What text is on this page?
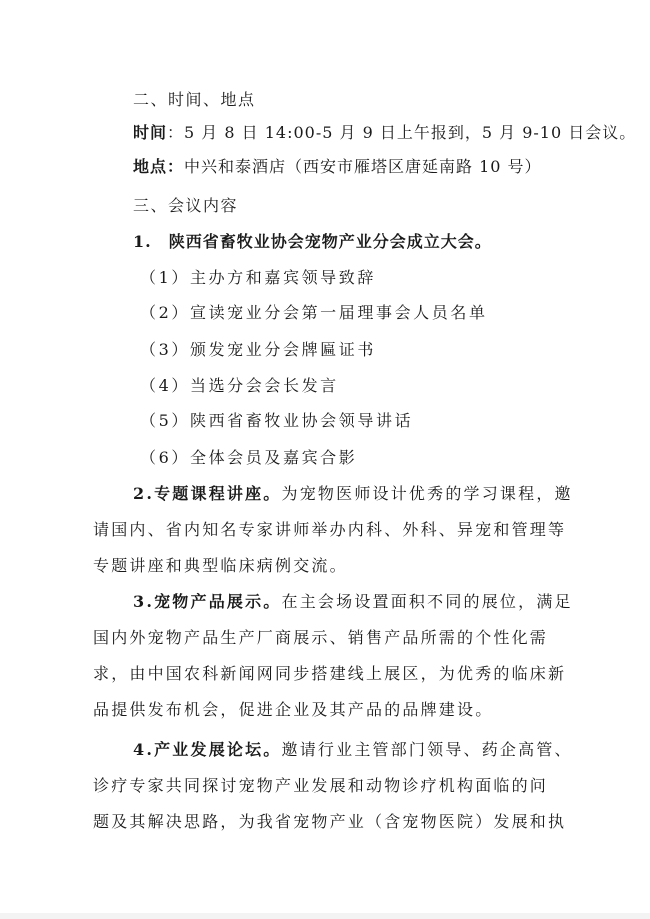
二、时间、地点
时间：5 月 8 日 14:00-5 月 9 日上午报到，5 月 9-10 日会议。
地点：中兴和泰酒店（西安市雁塔区唐延南路 10 号）
三、会议内容
1.　陕西省畜牧业协会宠物产业分会成立大会。
（1）主办方和嘉宾领导致辞
（2）宣读宠业分会第一届理事会人员名单
（3）颁发宠业分会牌匾证书
（4）当选分会会长发言
（5）陕西省畜牧业协会领导讲话
（6）全体会员及嘉宾合影
2.专题课程讲座。为宠物医师设计优秀的学习课程，邀
请国内、省内知名专家讲师举办内科、外科、异宠和管理等
专题讲座和典型临床病例交流。
3.宠物产品展示。在主会场设置面积不同的展位，满足
国内外宠物产品生产厂商展示、销售产品所需的个性化需
求，由中国农科新闻网同步搭建线上展区，为优秀的临床新
品提供发布机会，促进企业及其产品的品牌建设。
4.产业发展论坛。邀请行业主管部门领导、药企高管、
诊疗专家共同探讨宠物产业发展和动物诊疗机构面临的问
题及其解决思路，为我省宠物产业（含宠物医院）发展和执
